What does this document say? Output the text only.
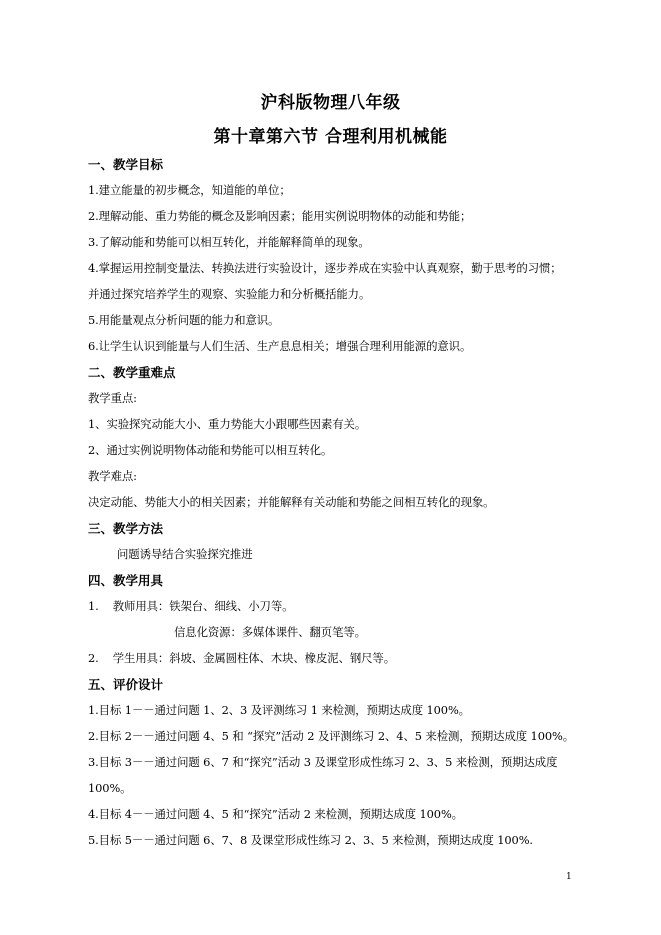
沪科版物理八年级
第十章第六节 合理利用机械能
一、教学目标
1.建立能量的初步概念，知道能的单位；
2.理解动能、重力势能的概念及影响因素；能用实例说明物体的动能和势能；
3.了解动能和势能可以相互转化，并能解释简单的现象。
4.掌握运用控制变量法、转换法进行实验设计，逐步养成在实验中认真观察，勤于思考的习惯；
并通过探究培养学生的观察、实验能力和分析概括能力。
5.用能量观点分析问题的能力和意识。
6.让学生认识到能量与人们生活、生产息息相关；增强合理利用能源的意识。
二、教学重难点
教学重点:
1、实验探究动能大小、重力势能大小跟哪些因素有关。
2、通过实例说明物体动能和势能可以相互转化。
教学难点:
决定动能、势能大小的相关因素；并能解释有关动能和势能之间相互转化的现象。
三、教学方法
问题诱导结合实验探究推进
四、教学用具
1.    教师用具：铁架台、细线、小刀等。
信息化资源：多媒体课件、翻页笔等。
2.    学生用具：斜坡、金属圆柱体、木块、橡皮泥、钢尺等。
五、评价设计
1.目标 1－－通过问题 1、2、3 及评测练习 1 来检测，预期达成度 100%。
2.目标 2－－通过问题 4、5 和 “探究”活动 2 及评测练习 2、4、5 来检测，预期达成度 100%。
3.目标 3－－通过问题 6、7 和“探究”活动 3 及课堂形成性练习 2、3、5 来检测，预期达成度
100%。
4.目标 4－－通过问题 4、5 和“探究”活动 2 来检测，预期达成度 100%。
5.目标 5－－通过问题 6、7、8 及课堂形成性练习 2、3、5 来检测，预期达成度 100%.
1
